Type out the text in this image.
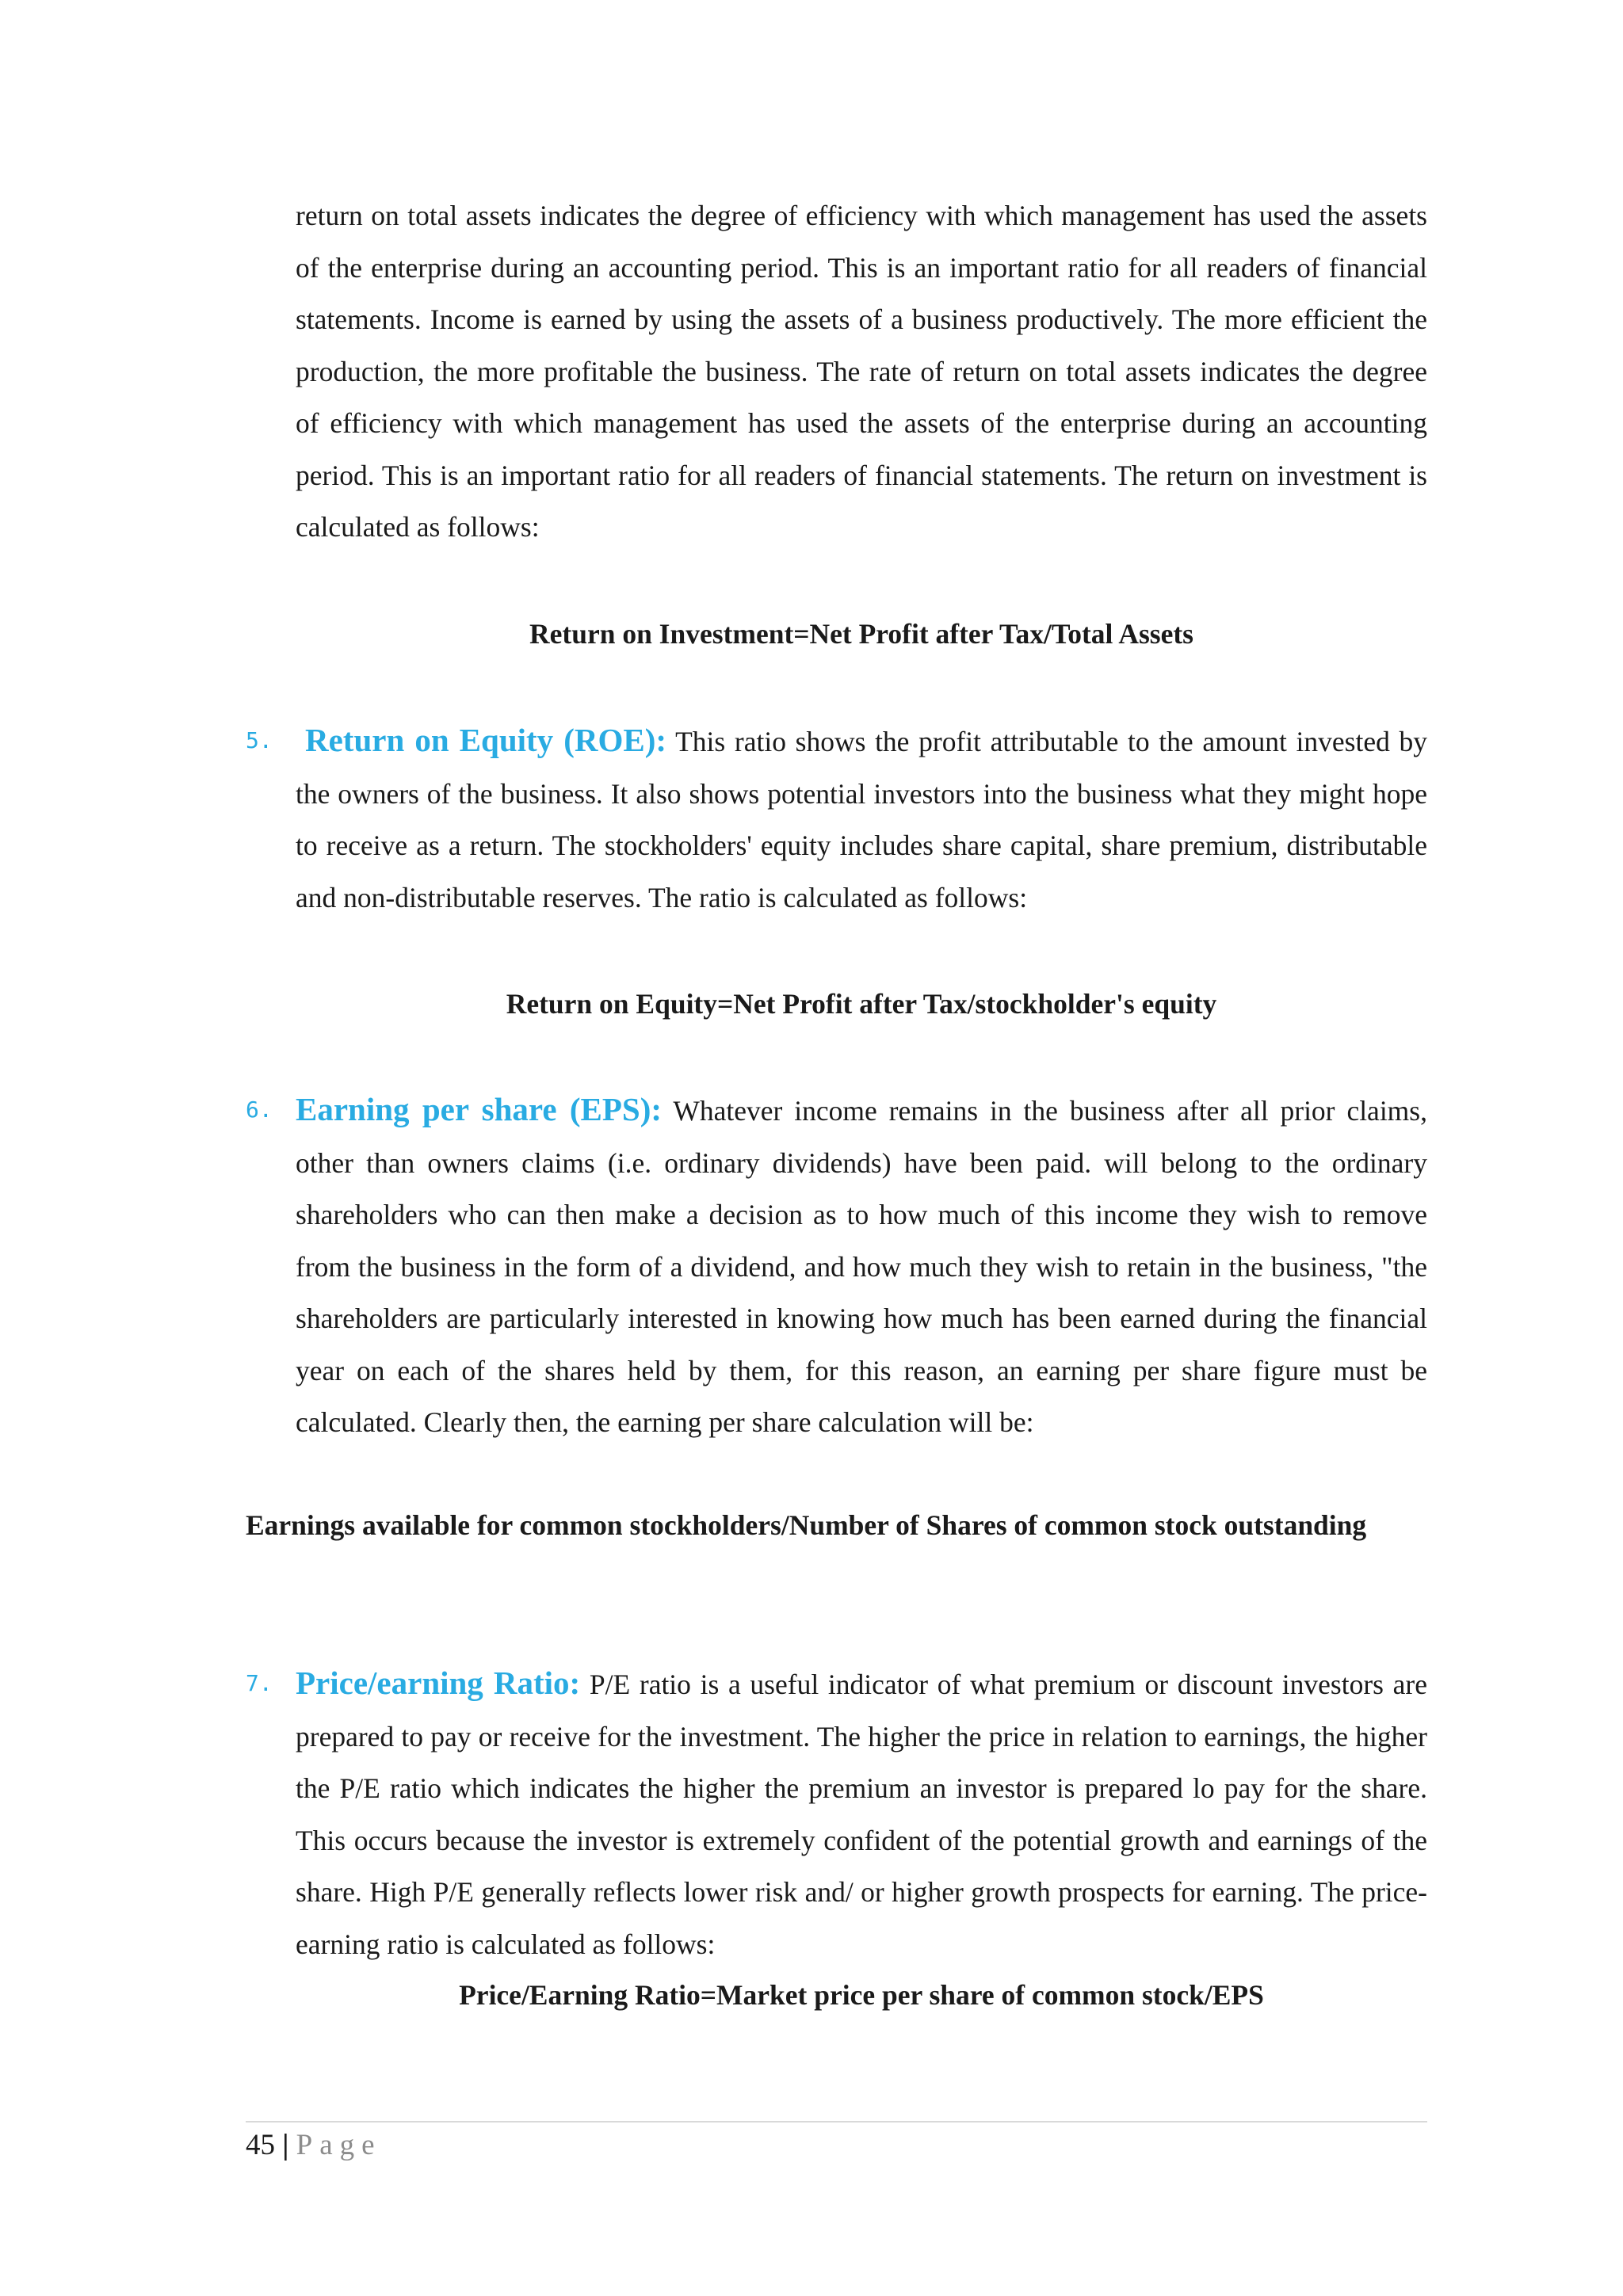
return on total assets indicates the degree of efficiency with which management has used the assets of the enterprise during an accounting period. This is an important ratio for all readers of financial statements. Income is earned by using the assets of a business productively. The more efficient the production, the more profitable the business. The rate of return on total assets indicates the degree of efficiency with which management has used the assets of the enterprise during an accounting period. This is an important ratio for all readers of financial statements. The return on investment is calculated as follows:

Return on Investment=Net Profit after Tax/Total Assets

5. Return on Equity (ROE): This ratio shows the profit attributable to the amount invested by the owners of the business. It also shows potential investors into the business what they might hope to receive as a return. The stockholders' equity includes share capital, share premium, distributable and non-distributable reserves. The ratio is calculated as follows:

Return on Equity=Net Profit after Tax/stockholder's equity

6. Earning per share (EPS): Whatever income remains in the business after all prior claims, other than owners claims (i.e. ordinary dividends) have been paid. will belong to the ordinary shareholders who can then make a decision as to how much of this income they wish to remove from the business in the form of a dividend, and how much they wish to retain in the business, "the shareholders are particularly interested in knowing how much has been earned during the financial year on each of the shares held by them, for this reason, an earning per share figure must be calculated. Clearly then, the earning per share calculation will be:

Earnings available for common stockholders/Number of Shares of common stock outstanding

7. Price/earning Ratio: P/E ratio is a useful indicator of what premium or discount investors are prepared to pay or receive for the investment. The higher the price in relation to earnings, the higher the P/E ratio which indicates the higher the premium an investor is prepared lo pay for the share. This occurs because the investor is extremely confident of the potential growth and earnings of the share. High P/E generally reflects lower risk and/ or higher growth prospects for earning. The price-earning ratio is calculated as follows:

Price/Earning Ratio=Market price per share of common stock/EPS

45 | Page
